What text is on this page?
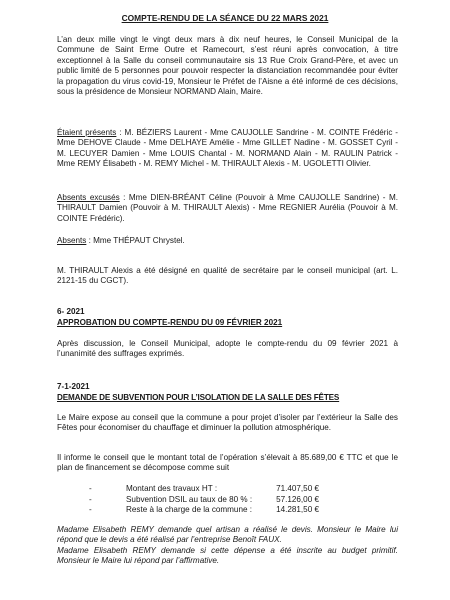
COMPTE-RENDU DE LA SÉANCE DU 22 MARS 2021
L’an deux mille vingt le vingt deux mars à dix neuf heures, le Conseil Municipal de la Commune de Saint Erme Outre et Ramecourt, s’est réuni après convocation, à titre exceptionnel à la Salle du conseil communautaire sis 13 Rue Croix Grand-Père, et avec un public limité de 5 personnes pour pouvoir respecter la distanciation recommandée pour éviter la propagation du virus covid-19, Monsieur le Préfet de l’Aisne a été informé de ces décisions, sous la présidence de Monsieur NORMAND Alain, Maire.
Étaient présents : M. BÉZIERS Laurent - Mme CAUJOLLE Sandrine - M. COINTE Frédéric - Mme DEHOVE Claude - Mme DELHAYE Amélie - Mme GILLET Nadine - M. GOSSET Cyril - M. LECUYER Damien - Mme LOUIS Chantal - M. NORMAND Alain - M. RAULIN Patrick - Mme REMY Élisabeth - M. REMY Michel - M. THIRAULT Alexis - M. UGOLETTI Olivier.
Absents excusés : Mme DIEN-BRÉANT Céline (Pouvoir à Mme CAUJOLLE Sandrine) - M. THIRAULT Damien (Pouvoir à M. THIRAULT Alexis) - Mme REGNIER Aurélia (Pouvoir à M. COINTE Frédéric).
Absents : Mme THÉPAUT Chrystel.
M. THIRAULT Alexis a été désigné en qualité de secrétaire par le conseil municipal (art. L. 2121-15 du CGCT).
6- 2021
APPROBATION DU COMPTE-RENDU DU 09 FÉVRIER 2021
Après discussion, le Conseil Municipal, adopte le compte-rendu du 09 février 2021 à l’unanimité des suffrages exprimés.
7-1-2021
DEMANDE DE SUBVENTION POUR L’ISOLATION DE LA SALLE DES FÊTES
Le Maire expose au conseil que la commune a pour projet d’isoler par l’extérieur la Salle des Fêtes pour économiser du chauffage et diminuer la pollution atmosphérique.
Il informe le conseil que le montant total de l’opération s’élevait à 85.689,00 € TTC et que le plan de financement se décompose comme suit
-	Montant des travaux HT :	71.407,50 €
-	Subvention DSIL au taux de 80 % :	57.126,00 €
-	Reste à la charge de la commune :	14.281,50 €
Madame Elisabeth REMY demande quel artisan a réalisé le devis. Monsieur le Maire lui répond que le devis a été réalisé par l’entreprise Benoît FAUX.
Madame Elisabeth REMY demande si cette dépense a été inscrite au budget primitif. Monsieur le Maire lui répond par l’affirmative.
